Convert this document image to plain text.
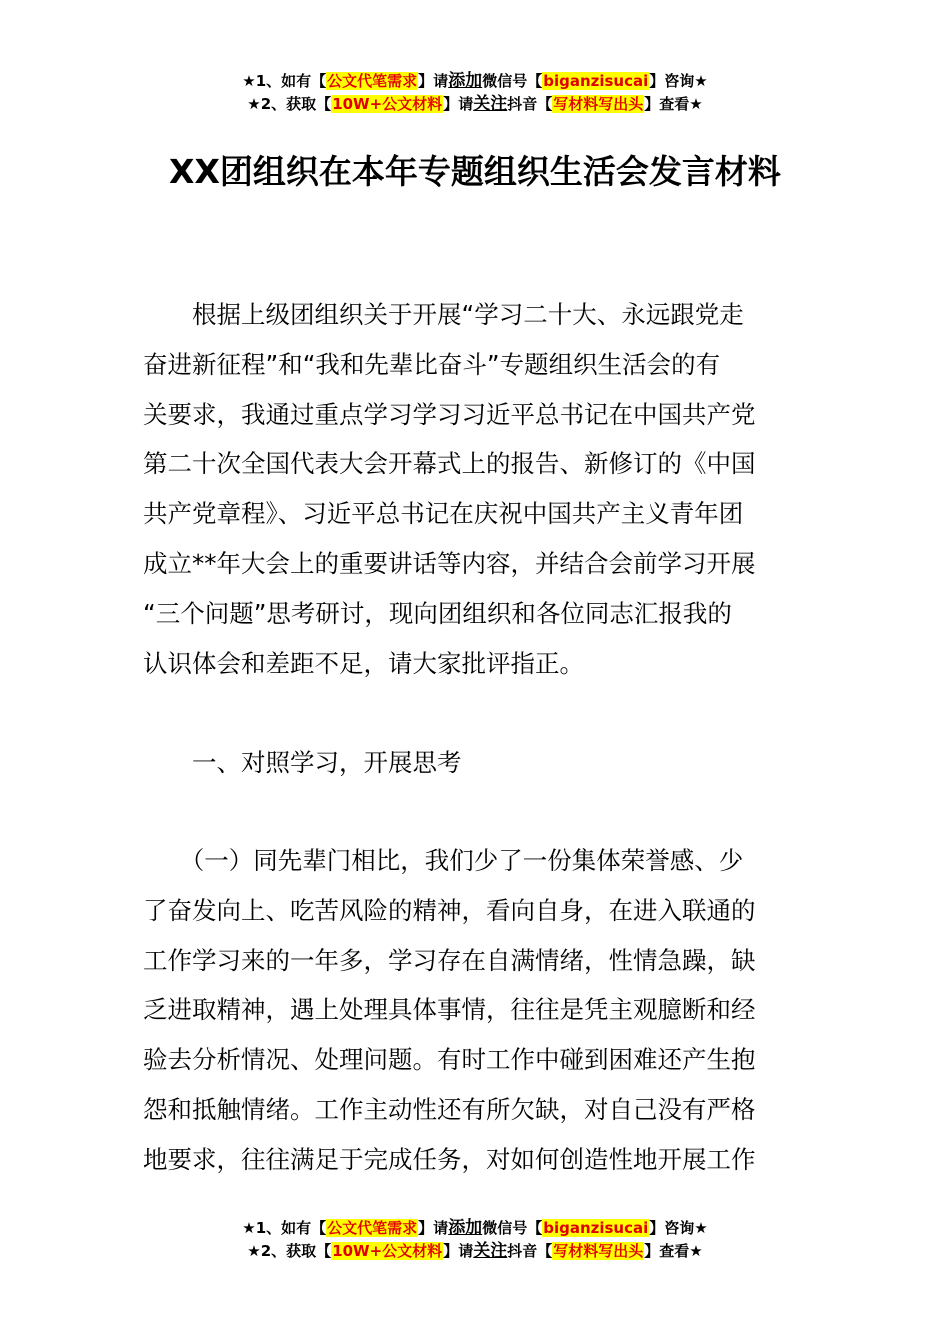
★1、如有【公文代笔需求】请添加微信号【biganzisucai】咨询★
★2、获取【10W+公文材料】请关注抖音【写材料写出头】查看★
XX团组织在本年专题组织生活会发言材料
　　根据上级团组织关于开展“学习二十大、永远跟党走
奋进新征程”和“我和先辈比奋斗”专题组织生活会的有
关要求，我通过重点学习学习习近平总书记在中国共产党
第二十次全国代表大会开幕式上的报告、新修订的《中国
共产党章程》、习近平总书记在庆祝中国共产主义青年团
成立**年大会上的重要讲话等内容，并结合会前学习开展
“三个问题”思考研讨，现向团组织和各位同志汇报我的
认识体会和差距不足，请大家批评指正。
　　一、对照学习，开展思考
　　（一）同先辈门相比，我们少了一份集体荣誉感、少
了奋发向上、吃苦风险的精神，看向自身，在进入联通的
工作学习来的一年多，学习存在自满情绪，性情急躁，缺
乏进取精神，遇上处理具体事情，往往是凭主观臆断和经
验去分析情况、处理问题。有时工作中碰到困难还产生抱
怨和抵触情绪。工作主动性还有所欠缺，对自己没有严格
地要求，往往满足于完成任务，对如何创造性地开展工作
★1、如有【公文代笔需求】请添加微信号【biganzisucai】咨询★
★2、获取【10W+公文材料】请关注抖音【写材料写出头】查看★
